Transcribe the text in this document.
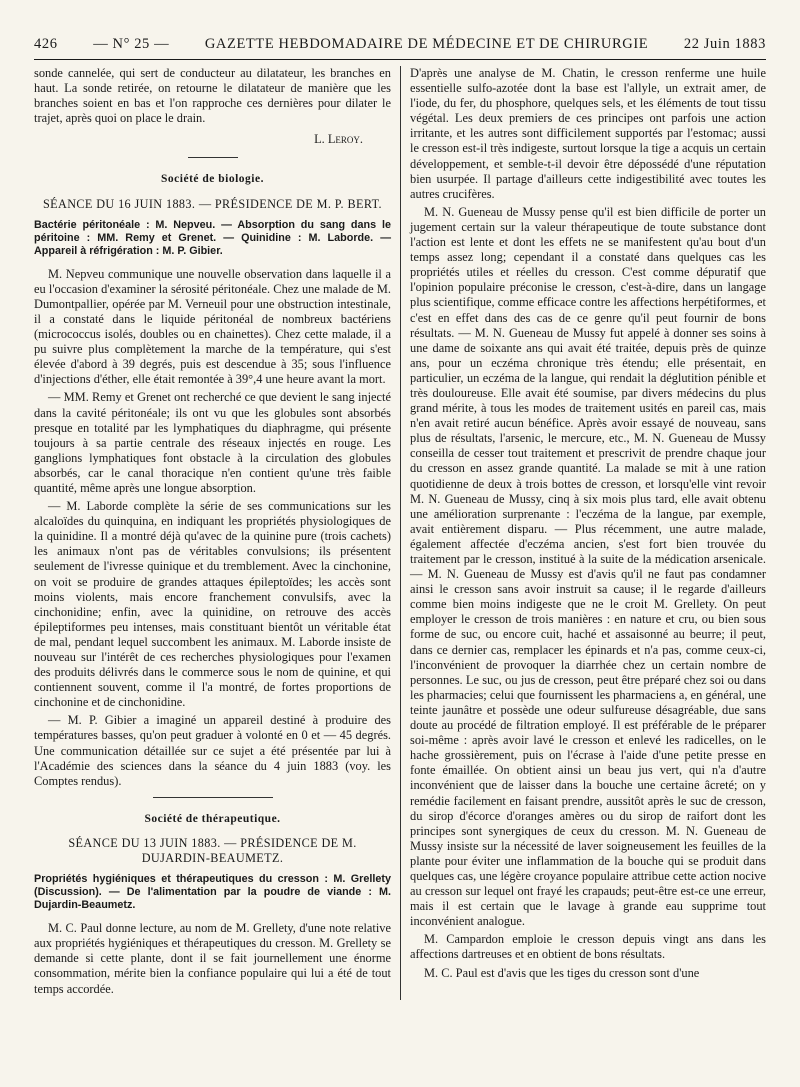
426 — N° 25 — GAZETTE HEBDOMADAIRE DE MÉDECINE ET DE CHIRURGIE 22 Juin 1883

sonde cannelée, qui sert de conducteur au dilatateur, les branches en haut. La sonde retirée, on retourne le dilatateur de manière que les branches soient en bas et l'on rapproche ces dernières pour dilater le trajet, après quoi on place le drain.

L. Leroy.
Société de biologie.
SÉANCE DU 16 JUIN 1883. — PRÉSIDENCE DE M. P. BERT.
Bactérie péritonéale : M. Nepveu. — Absorption du sang dans le péritoine : MM. Remy et Grenet. — Quinidine : M. Laborde. — Appareil à réfrigération : M. P. Gibier.

M. Nepveu communique une nouvelle observation dans laquelle il a eu l'occasion d'examiner la sérosité péritonéale. Chez une malade de M. Dumontpallier, opérée par M. Verneuil pour une obstruction intestinale, il a constaté dans le liquide péritonéal de nombreux bactériens (micrococcus isolés, doubles ou en chainettes). Chez cette malade, il a pu suivre plus complètement la marche de la température, qui s'est élevée d'abord à 39 degrés, puis est descendue à 35; sous l'influence d'injections d'éther, elle était remontée à 39°,4 une heure avant la mort.

— MM. Remy et Grenet ont recherché ce que devient le sang injecté dans la cavité péritonéale; ils ont vu que les globules sont absorbés presque en totalité par les lymphatiques du diaphragme, qui présente toujours à sa partie centrale des réseaux injectés en rouge. Les ganglions lymphatiques font obstacle à la circulation des globules absorbés, car le canal thoracique n'en contient qu'une très faible quantité, même après une longue absorption.

— M. Laborde complète la série de ses communications sur les alcaloïdes du quinquina, en indiquant les propriétés physiologiques de la quinidine. Il a montré déjà qu'avec de la quinine pure (trois cachets) les animaux n'ont pas de véritables convulsions; ils présentent seulement de l'ivresse quinique et du tremblement. Avec la cinchonine, on voit se produire de grandes attaques épileptoïdes; les accès sont moins violents, mais encore franchement convulsifs, avec la cinchonidine; enfin, avec la quinidine, on retrouve des accès épileptiformes peu intenses, mais constituant bientôt un véritable état de mal, pendant lequel succombent les animaux. M. Laborde insiste de nouveau sur l'intérêt de ces recherches physiologiques pour l'examen des produits délivrés dans le commerce sous le nom de quinine, et qui contiennent souvent, comme il l'a montré, de fortes proportions de cinchonine et de cinchonidine.

— M. P. Gibier a imaginé un appareil destiné à produire des températures basses, qu'on peut graduer à volonté en 0 et — 45 degrés. Une communication détaillée sur ce sujet a été présentée par lui à l'Académie des sciences dans la séance du 4 juin 1883 (voy. les Comptes rendus).

Société de thérapeutique.
SÉANCE DU 13 JUIN 1883. — PRÉSIDENCE DE M. DUJARDIN-BEAUMETZ.
Propriétés hygiéniques et thérapeutiques du cresson : M. Grellety (Discussion). — De l'alimentation par la poudre de viande : M. Dujardin-Beaumetz.

M. C. Paul donne lecture, au nom de M. Grellety, d'une note relative aux propriétés hygiéniques et thérapeutiques du cresson. M. Grellety se demande si cette plante, dont il se fait journellement une énorme consommation, mérite bien la confiance populaire qui lui a été de tout temps accordée.

D'après une analyse de M. Chatin, le cresson renferme une huile essentielle sulfo-azotée dont la base est l'allyle, un extrait amer, de l'iode, du fer, du phosphore, quelques sels, et les éléments de tout tissu végétal. Les deux premiers de ces principes ont parfois une action irritante, et les autres sont difficilement supportés par l'estomac; aussi le cresson est-il très indigeste, surtout lorsque la tige a acquis un certain développement, et semble-t-il devoir être dépossédé d'une réputation bien usurpée. Il partage d'ailleurs cette indigestibilité avec toutes les autres crucifères.

M. N. Gueneau de Mussy pense qu'il est bien difficile de porter un jugement certain sur la valeur thérapeutique de toute substance dont l'action est lente et dont les effets ne se manifestent qu'au bout d'un temps assez long; cependant il a constaté dans quelques cas les propriétés utiles et réelles du cresson. C'est comme dépuratif que l'opinion populaire préconise le cresson, c'est-à-dire, dans un langage plus scientifique, comme efficace contre les affections herpétiformes, et c'est en effet dans des cas de ce genre qu'il peut fournir de bons résultats. — M. N. Gueneau de Mussy fut appelé à donner ses soins à une dame de soixante ans qui avait été traitée, depuis près de quinze ans, pour un eczéma chronique très étendu; elle présentait, en particulier, un eczéma de la langue, qui rendait la déglutition pénible et très douloureuse. Elle avait été soumise, par divers médecins du plus grand mérite, à tous les modes de traitement usités en pareil cas, mais n'en avait retiré aucun bénéfice. Après avoir essayé de nouveau, sans plus de résultats, l'arsenic, le mercure, etc., M. N. Gueneau de Mussy conseilla de cesser tout traitement et prescrivit de prendre chaque jour du cresson en assez grande quantité. La malade se mit à une ration quotidienne de deux à trois bottes de cresson, et lorsqu'elle vint revoir M. N. Gueneau de Mussy, cinq à six mois plus tard, elle avait obtenu une amélioration surprenante : l'eczéma de la langue, par exemple, avait entièrement disparu. — Plus récemment, une autre malade, également affectée d'eczéma ancien, s'est fort bien trouvée du traitement par le cresson, institué à la suite de la médication arsenicale. — M. N. Gueneau de Mussy est d'avis qu'il ne faut pas condamner ainsi le cresson sans avoir instruit sa cause; il le regarde d'ailleurs comme bien moins indigeste que ne le croit M. Grellety. On peut employer le cresson de trois manières : en nature et cru, ou bien sous forme de suc, ou encore cuit, haché et assaisonné au beurre; il peut, dans ce dernier cas, remplacer les épinards et n'a pas, comme ceux-ci, l'inconvénient de provoquer la diarrhée chez un certain nombre de personnes. Le suc, ou jus de cresson, peut être préparé chez soi ou dans les pharmacies; celui que fournissent les pharmaciens a, en général, une teinte jaunâtre et possède une odeur sulfureuse désagréable, due sans doute au procédé de filtration employé. Il est préférable de le préparer soi-même : après avoir lavé le cresson et enlevé les radicelles, on le hache grossièrement, puis on l'écrase à l'aide d'une petite presse en fonte émaillée. On obtient ainsi un beau jus vert, qui n'a d'autre inconvénient que de laisser dans la bouche une certaine âcreté; on y remédie facilement en faisant prendre, aussitôt après le suc de cresson, du sirop d'écorce d'oranges amères ou du sirop de raifort dont les principes sont synergiques de ceux du cresson. M. N. Gueneau de Mussy insiste sur la nécessité de laver soigneusement les feuilles de la plante pour éviter une inflammation de la bouche qui se produit dans quelques cas, une légère croyance populaire attribue cette action nocive au cresson sur lequel ont frayé les crapauds; peut-être est-ce une erreur, mais il est certain que le lavage à grande eau supprime tout inconvénient analogue.

M. Campardon emploie le cresson depuis vingt ans dans les affections dartreuses et en obtient de bons résultats.

M. C. Paul est d'avis que les tiges du cresson sont d'une
